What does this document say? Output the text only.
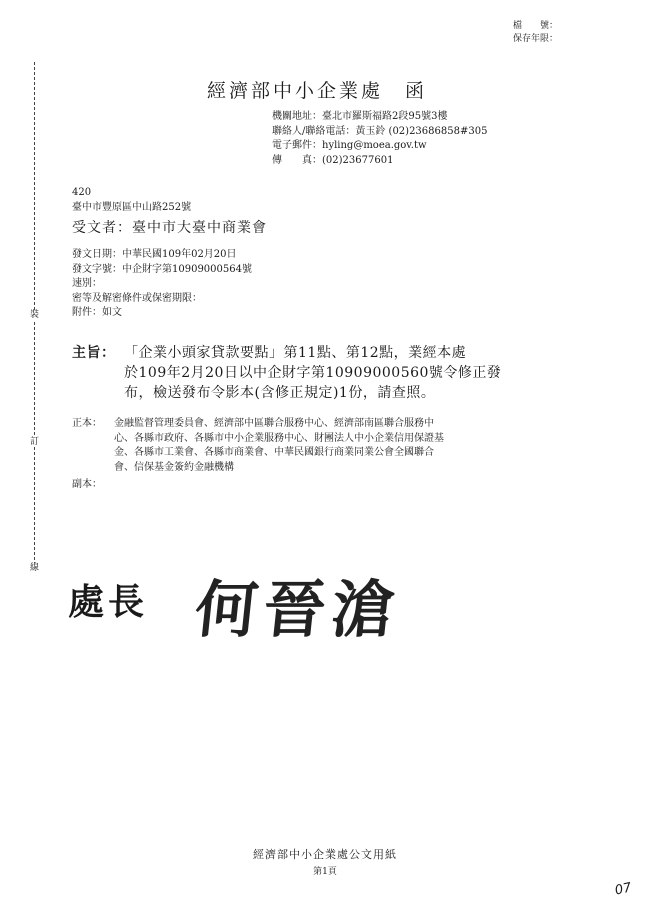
檔　　號：
保存年限：
裝
訂
線
經濟部中小企業處　函
機關地址：臺北市羅斯福路2段95號3樓
聯絡人/聯絡電話：黃玉鈴 (02)23686858#305
電子郵件：hyling@moea.gov.tw
傳　　真：(02)23677601
420
臺中市豐原區中山路252號
受文者：臺中市大臺中商業會
發文日期：中華民國109年02月20日
發文字號：中企財字第10909000564號
速別：
密等及解密條件或保密期限：
附件：如文
主旨： 「企業小頭家貸款要點」第11點、第12點，業經本處
於109年2月20日以中企財字第10909000560號令修正發
布，檢送發布令影本(含修正規定)1份，請查照。
正本： 金融監督管理委員會、經濟部中區聯合服務中心、經濟部南區聯合服務中
心、各縣市政府、各縣市中小企業服務中心、財團法人中小企業信用保證基
金、各縣市工業會、各縣市商業會、中華民國銀行商業同業公會全國聯合
會、信保基金簽約金融機構
副本：
處長 何晉滄
經濟部中小企業處公文用紙
第1頁
07
